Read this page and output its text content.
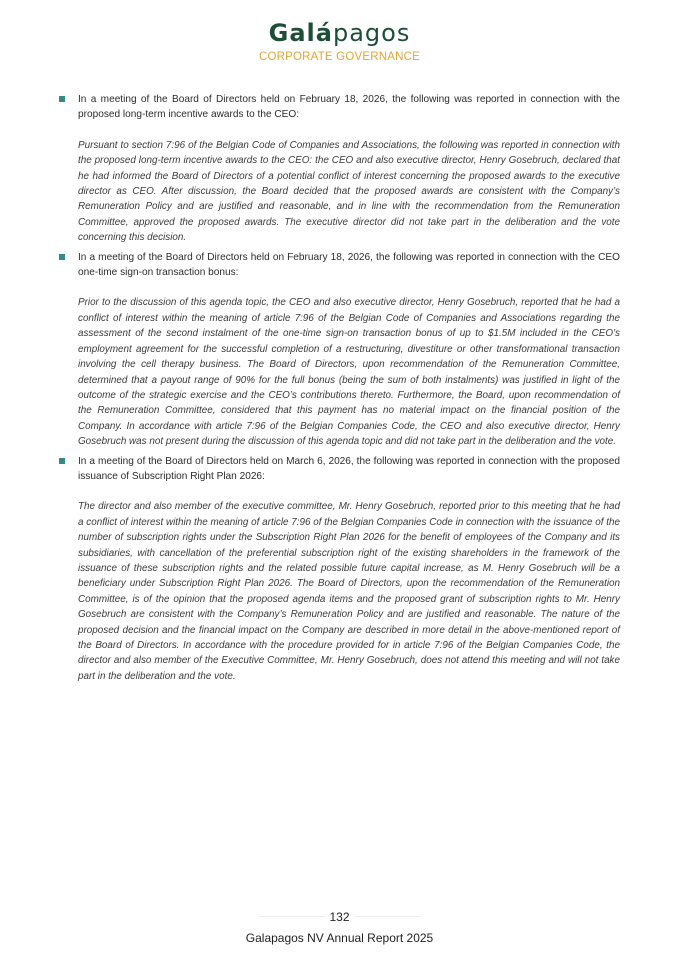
Galápagos
CORPORATE GOVERNANCE

In a meeting of the Board of Directors held on February 18, 2026, the following was reported in connection with the proposed long-term incentive awards to the CEO:

Pursuant to section 7:96 of the Belgian Code of Companies and Associations, the following was reported in connection with the proposed long-term incentive awards to the CEO: the CEO and also executive director, Henry Gosebruch, declared that he had informed the Board of Directors of a potential conflict of interest concerning the proposed awards to the executive director as CEO. After discussion, the Board decided that the proposed awards are consistent with the Company’s Remuneration Policy and are justified and reasonable, and in line with the recommendation from the Remuneration Committee, approved the proposed awards. The executive director did not take part in the deliberation and the vote concerning this decision.

In a meeting of the Board of Directors held on February 18, 2026, the following was reported in connection with the CEO one-time sign-on transaction bonus:

Prior to the discussion of this agenda topic, the CEO and also executive director, Henry Gosebruch, reported that he had a conflict of interest within the meaning of article 7:96 of the Belgian Code of Companies and Associations regarding the assessment of the second instalment of the one-time sign-on transaction bonus of up to $1.5M included in the CEO’s employment agreement for the successful completion of a restructuring, divestiture or other transformational transaction involving the cell therapy business. The Board of Directors, upon recommendation of the Remuneration Committee, determined that a payout range of 90% for the full bonus (being the sum of both instalments) was justified in light of the outcome of the strategic exercise and the CEO’s contributions thereto. Furthermore, the Board, upon recommendation of the Remuneration Committee, considered that this payment has no material impact on the financial position of the Company. In accordance with article 7:96 of the Belgian Companies Code, the CEO and also executive director, Henry Gosebruch was not present during the discussion of this agenda topic and did not take part in the deliberation and the vote.

In a meeting of the Board of Directors held on March 6, 2026, the following was reported in connection with the proposed issuance of Subscription Right Plan 2026:

The director and also member of the executive committee, Mr. Henry Gosebruch, reported prior to this meeting that he had a conflict of interest within the meaning of article 7:96 of the Belgian Companies Code in connection with the issuance of the number of subscription rights under the Subscription Right Plan 2026 for the benefit of employees of the Company and its subsidiaries, with cancellation of the preferential subscription right of the existing shareholders in the framework of the issuance of these subscription rights and the related possible future capital increase, as M. Henry Gosebruch will be a beneficiary under Subscription Right Plan 2026. The Board of Directors, upon the recommendation of the Remuneration Committee, is of the opinion that the proposed agenda items and the proposed grant of subscription rights to Mr. Henry Gosebruch are consistent with the Company’s Remuneration Policy and are justified and reasonable. The nature of the proposed decision and the financial impact on the Company are described in more detail in the above-mentioned report of the Board of Directors. In accordance with the procedure provided for in article 7:96 of the Belgian Companies Code, the director and also member of the Executive Committee, Mr. Henry Gosebruch, does not attend this meeting and will not take part in the deliberation and the vote.

132
Galapagos NV Annual Report 2025
